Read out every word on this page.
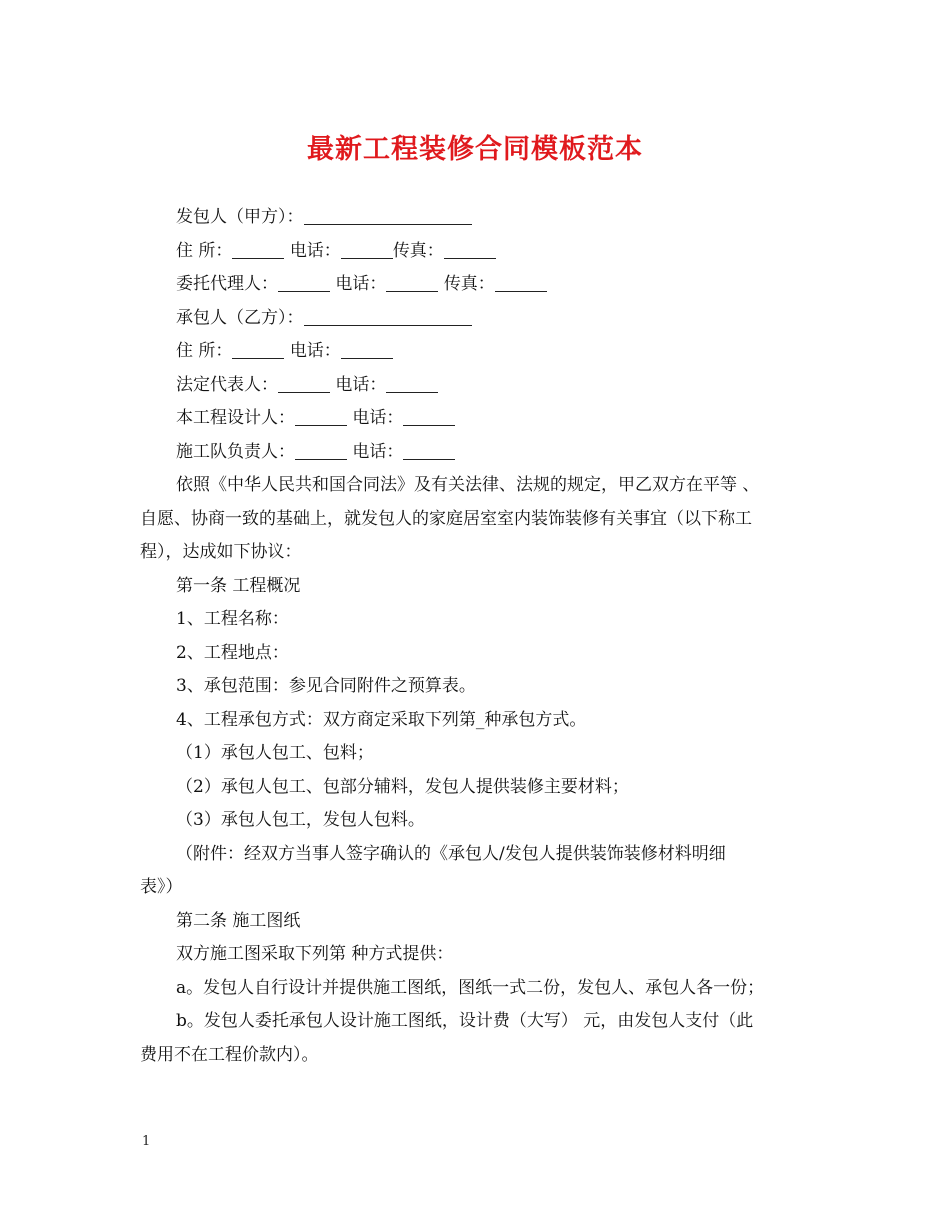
最新工程装修合同模板范本
发包人（甲方）：
住 所：	电话：	传真：
委托代理人：	电话：	传真：
承包人（乙方）：
住 所：	电话：
法定代表人：	电话：
本工程设计人：	电话：
施工队负责人：	电话：
依照《中华人民共和国合同法》及有关法律、法规的规定，甲乙双方在平等 、
自愿、协商一致的基础上，就发包人的家庭居室室内装饰装修有关事宜（以下称工
程），达成如下协议：
第一条 工程概况
1、工程名称：
2、工程地点：
3、承包范围：参见合同附件之预算表。
4、工程承包方式：双方商定采取下列第_种承包方式。
（1）承包人包工、包料；
（2）承包人包工、包部分辅料，发包人提供装修主要材料；
（3）承包人包工，发包人包料。
（附件：经双方当事人签字确认的《承包人/发包人提供装饰装修材料明细
表》）
第二条 施工图纸
双方施工图采取下列第 种方式提供：
a。发包人自行设计并提供施工图纸，图纸一式二份，发包人、承包人各一份；
b。发包人委托承包人设计施工图纸，设计费（大写） 元，由发包人支付（此
费用不在工程价款内）。
1
